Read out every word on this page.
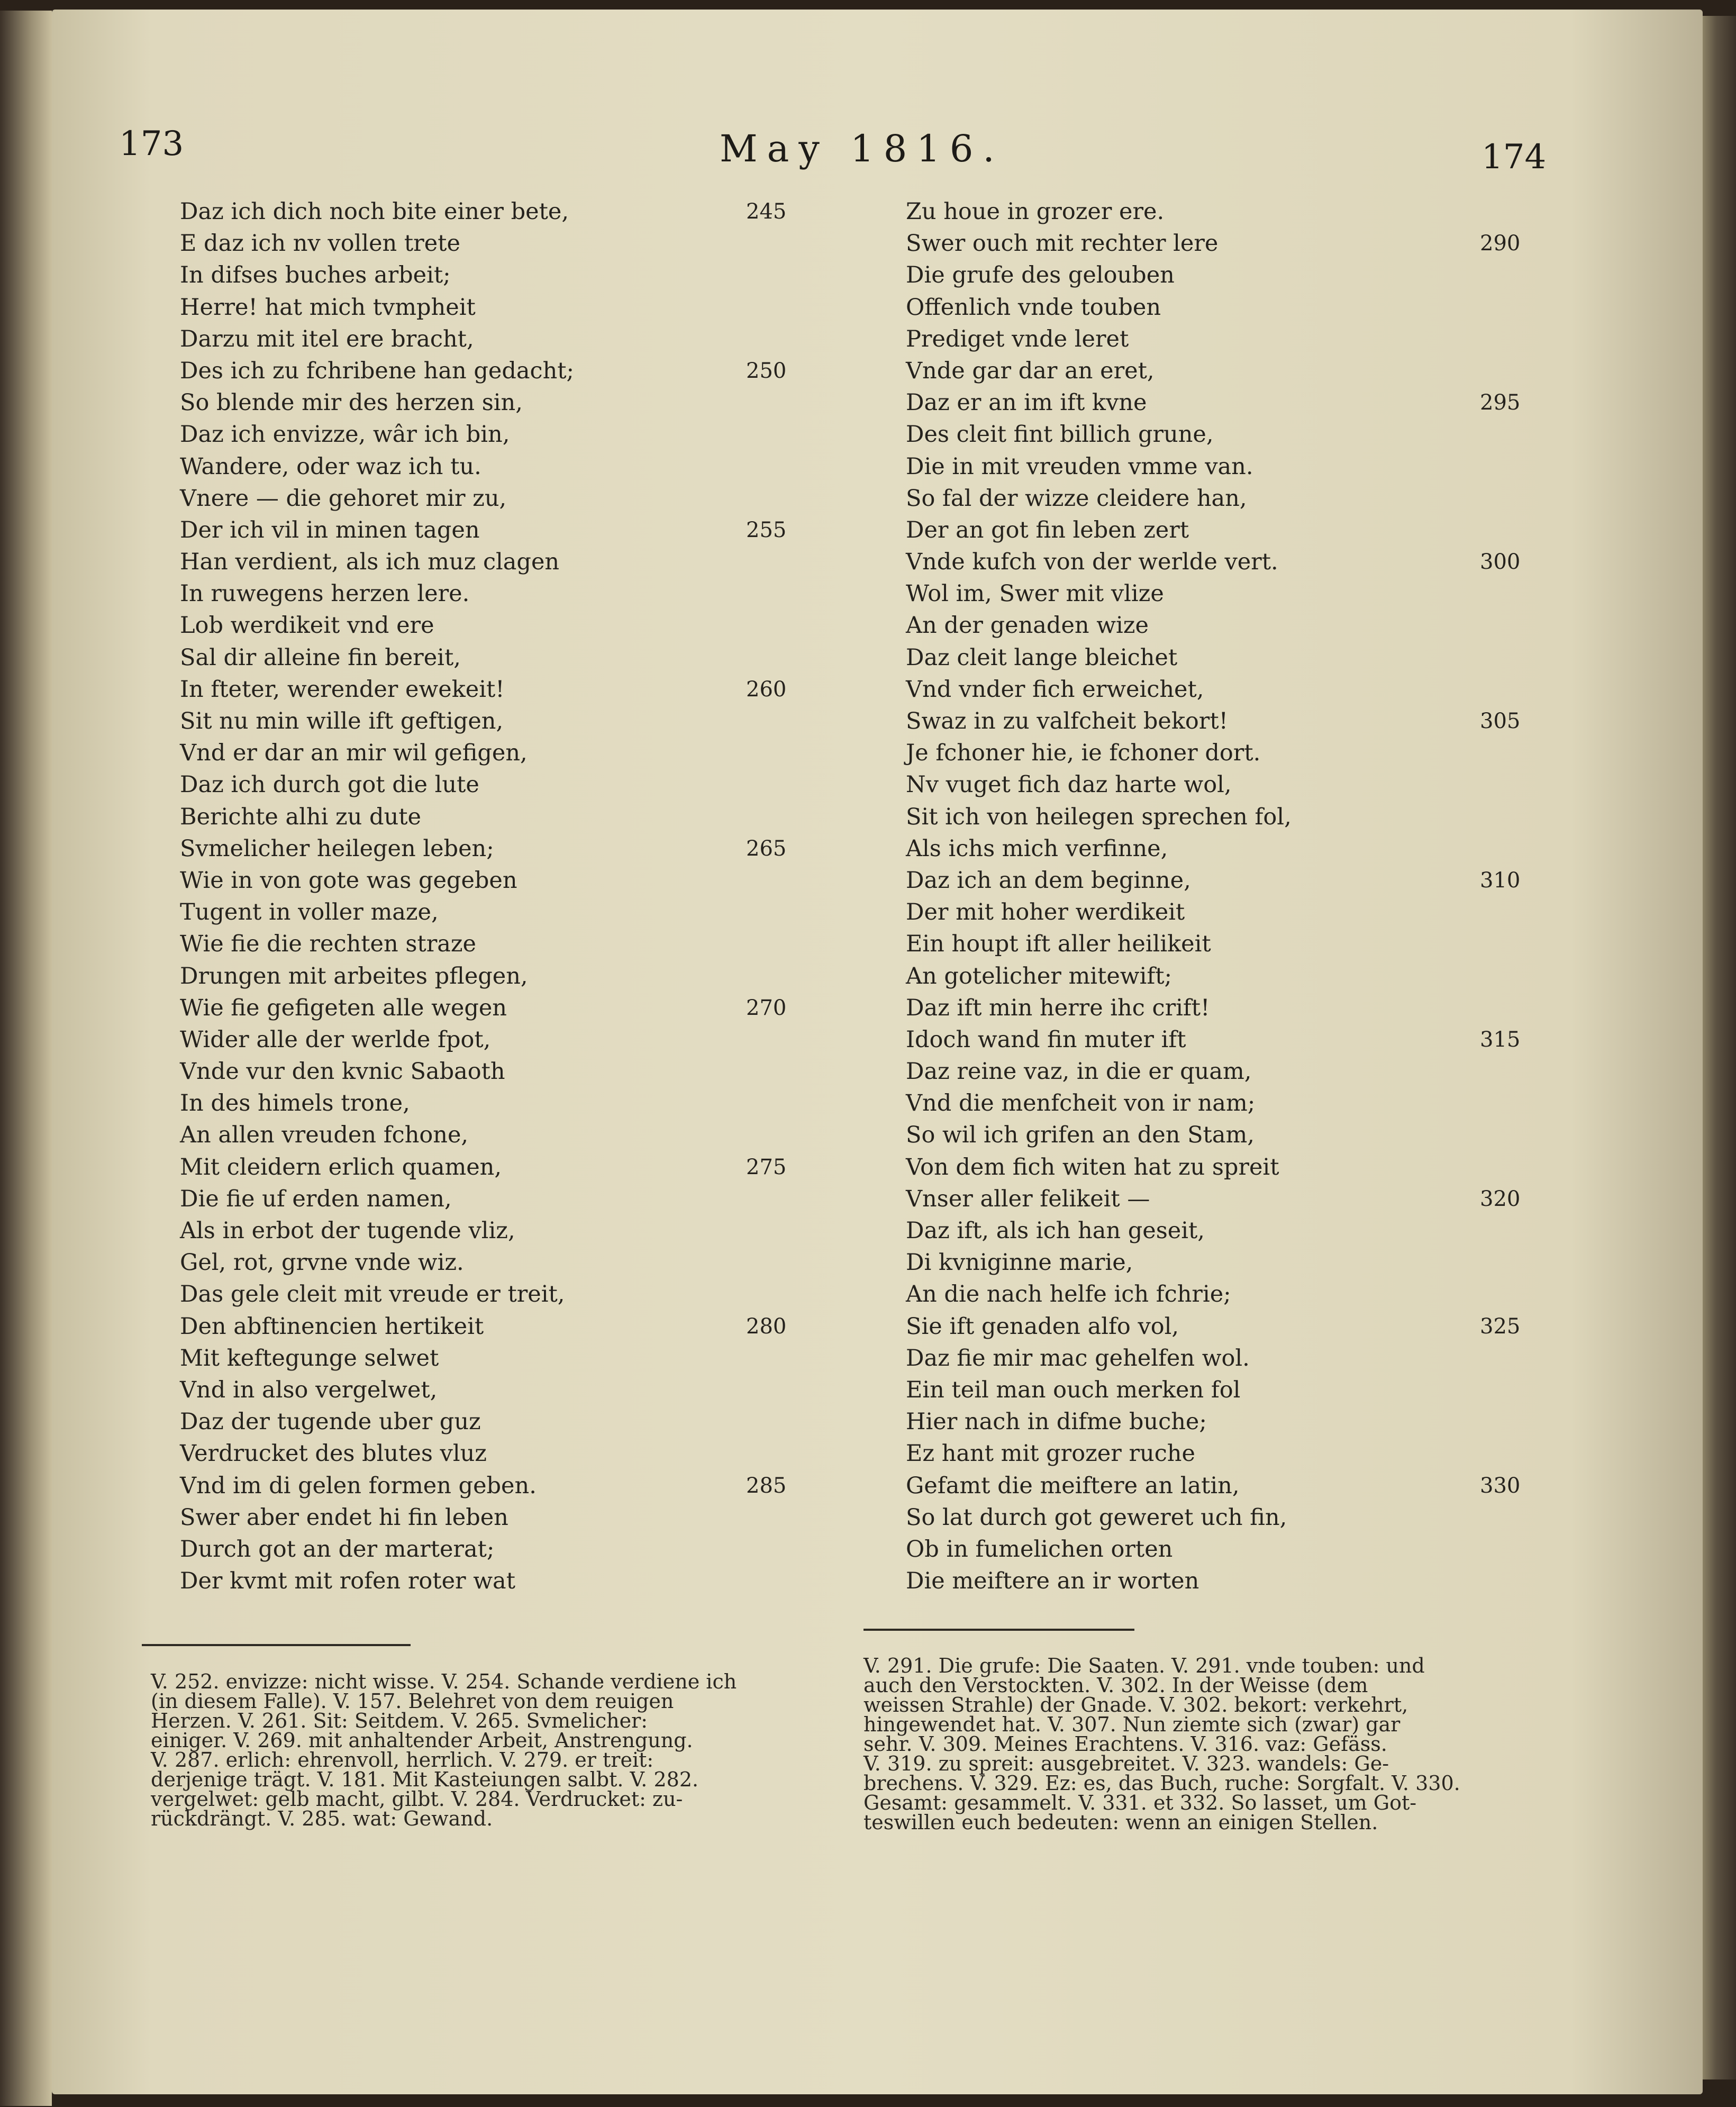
173	May 1816.	174
Daz ich dich noch bite einer bete,	245
E daz ich nv vollen trete
In difses buches arbeit;
Herre! hat mich tvmpheit
Darzu mit itel ere bracht,
Des ich zu fchribene han gedacht;	250
So blende mir des herzen sin,
Daz ich envizze, wâr ich bin,
Wandere, oder waz ich tu.
Vnere — die gehoret mir zu,
Der ich vil in minen tagen	255
Han verdient, als ich muz clagen
In ruwegens herzen lere.
Lob werdikeit vnd ere
Sal dir alleine fin bereit,
In fteter, werender ewekeit!	260
Sit nu min wille ift geftigen,
Vnd er dar an mir wil gefigen,
Daz ich durch got die lute
Berichte alhi zu dute
Svmelicher heilegen leben;	265
Wie in von gote was gegeben
Tugent in voller maze,
Wie fie die rechten straze
Drungen mit arbeites pflegen,
Wie fie gefigeten alle wegen	270
Wider alle der werlde fpot,
Vnde vur den kvnic Sabaoth
In des himels trone,
An allen vreuden fchone,
Mit cleidern erlich quamen,	275
Die fie uf erden namen,
Als in erbot der tugende vliz,
Gel, rot, grvne vnde wiz.
Das gele cleit mit vreude er treit,
Den abftinencien hertikeit	280
Mit keftegunge selwet
Vnd in also vergelwet,
Daz der tugende uber guz
Verdrucket des blutes vluz
Vnd im di gelen formen geben.	285
Swer aber endet hi fin leben
Durch got an der marterat;
Der kvmt mit rofen roter wat
Zu houe in grozer ere.
Swer ouch mit rechter lere	290
Die grufe des gelouben
Offenlich vnde touben
Prediget vnde leret
Vnde gar dar an eret,
Daz er an im ift kvne	295
Des cleit fint billich grune,
Die in mit vreuden vmme van.
So fal der wizze cleidere han,
Der an got fin leben zert
Vnde kufch von der werlde vert.	300
Wol im, Swer mit vlize
An der genaden wize
Daz cleit lange bleichet
Vnd vnder fich erweichet,
Swaz in zu valfcheit bekort!	305
Je fchoner hie, ie fchoner dort.
Nv vuget fich daz harte wol,
Sit ich von heilegen sprechen fol,
Als ichs mich verfinne,
Daz ich an dem beginne,	310
Der mit hoher werdikeit
Ein houpt ift aller heilikeit
An gotelicher mitewift;
Daz ift min herre ihc crift!
Idoch wand fin muter ift	315
Daz reine vaz, in die er quam,
Vnd die menfcheit von ir nam;
So wil ich grifen an den Stam,
Von dem fich witen hat zu spreit
Vnser aller felikeit —	320
Daz ift, als ich han geseit,
Di kvniginne marie,
An die nach helfe ich fchrie;
Sie ift genaden alfo vol,	325
Daz fie mir mac gehelfen wol.
Ein teil man ouch merken fol
Hier nach in difme buche;
Ez hant mit grozer ruche
Gefamt die meiftere an latin,	330
So lat durch got geweret uch fin,
Ob in fumelichen orten
Die meiftere an ir worten
V. 252. envizze: nicht wisse. V. 254. Schande verdiene ich
(in diesem Falle). V. 157. Belehret von dem reuigen
Herzen. V. 261. Sit: Seitdem. V. 265. Svmelicher:
einiger. V. 269. mit anhaltender Arbeit, Anstrengung.
V. 287. erlich: ehrenvoll, herrlich. V. 279. er treit:
derjenige trägt. V. 181. Mit Kasteiungen salbt. V. 282.
vergelwet: gelb macht, gilbt. V. 284. Verdrucket: zu-
rückdrängt. V. 285. wat: Gewand.
V. 291. Die grufe: Die Saaten. V. 291. vnde touben: und
auch den Verstockten. V. 302. In der Weisse (dem
weissen Strahle) der Gnade. V. 302. bekort: verkehrt,
hingewendet hat. V. 307. Nun ziemte sich (zwar) gar
sehr. V. 309. Meines Erachtens. V. 316. vaz: Gefäss.
V. 319. zu spreit: ausgebreitet. V. 323. wandels: Ge-
brechens. V. 329. Ez: es, das Buch, ruche: Sorgfalt. V. 330.
Gesamt: gesammelt. V. 331. et 332. So lasset, um Got-
teswillen euch bedeuten: wenn an einigen Stellen.
